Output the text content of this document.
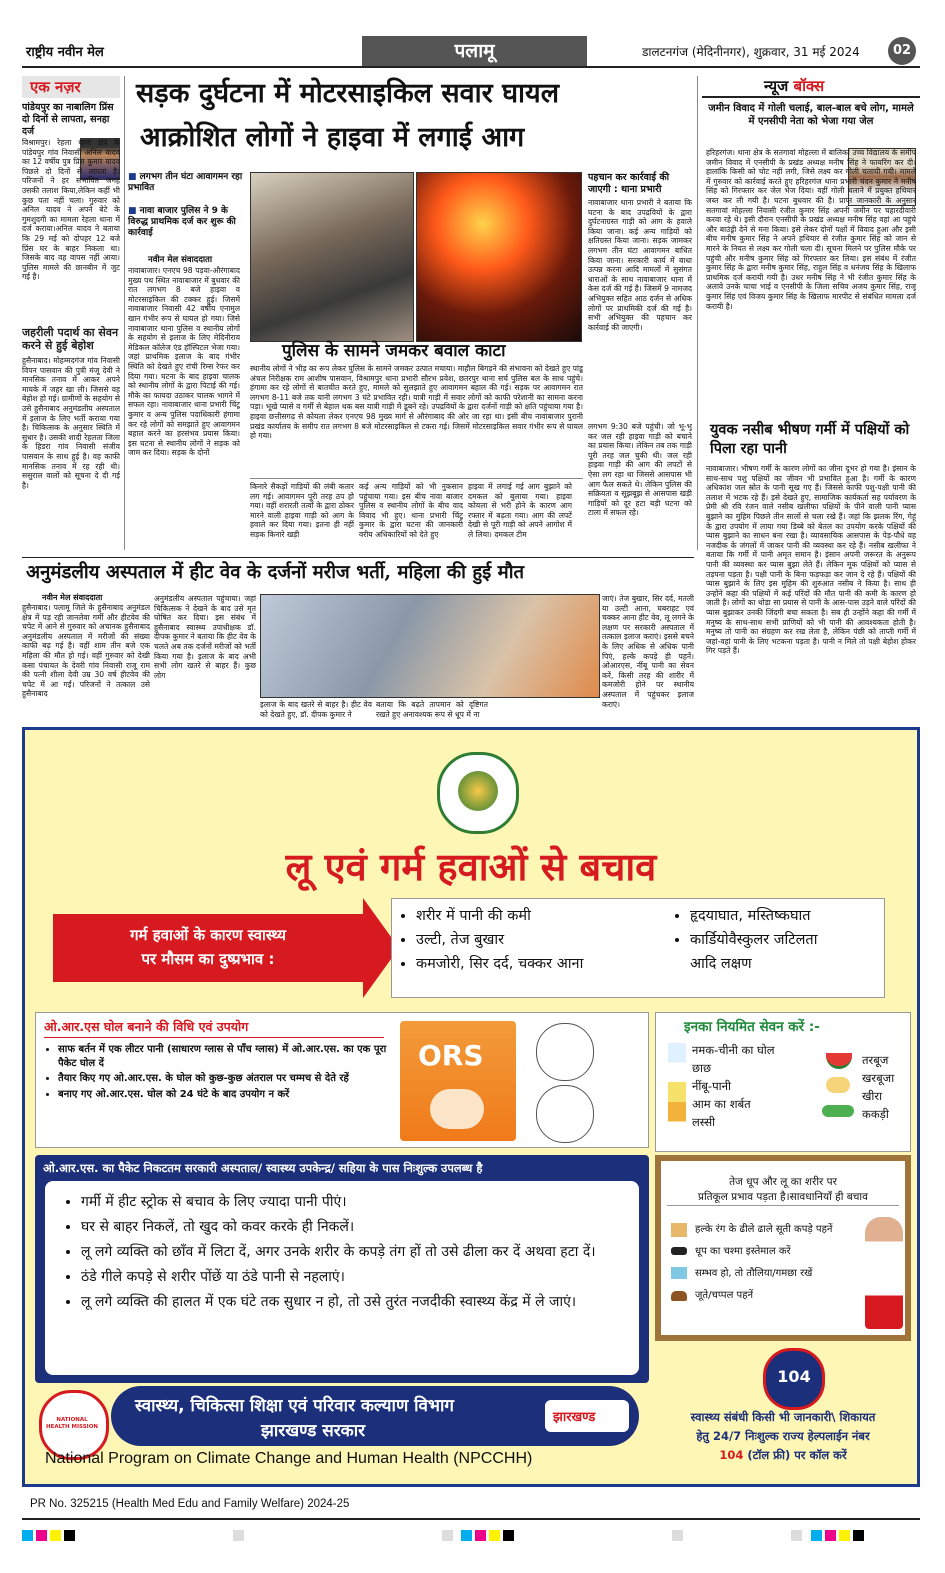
राष्ट्रीय नवीन मेल	पलामू	डालटनगंज (मेदिनीनगर), शुक्रवार, 31 मई 2024	02
एक नज़र
पांडेयपुर का नाबालिग प्रिंस दो दिनों से लापता, सनहा दर्ज
विश्रामपुर। रेहला थाना क्षेत्र के पांडेयपुर गांव निवासी अनिल यादव का 12 वर्षीय पुत्र प्रिंस कुमार यादव पिछले दो दिनों से लापता है। परिजनों ने हर संभावित जगह उसकी तलाश किया,लेकिन कहीं भी कुछ पता नहीं चला। गुरुवार को अनिल यादव ने अपने बेटे के गुमशुदगी का मामला रेहला थाना में दर्ज कराया।अनिल यादव ने बताया कि 29 मई को दोपहर 12 बजे प्रिंस घर के बाहर निकला था। जिसके बाद वह वापस नहीं आया। पुलिस मामले की छानबीन में जुट गई है।
जहरीली पदार्थ का सेवन करने से हुई बेहोश
हुसैनाबाद। मोहम्मदगंज गांव निवासी विपन पासवान की पुत्री मंजू देवी ने मानसिक तनाव में आकर अपने मायके में जहर खा ली। जिससे वह बेहोश हो गई। ग्रामीणों के सहयोग से उसे हुसैनाबाद अनुमंडलीय अस्पताल में इलाज के लिए भर्ती कराया गया है। चिकित्सक के अनुसार स्थिति में सुधार है। उसकी शादी रेहलता जिला के हिडरा गांव निवासी संजीव पासवान के साथ हुई है। वह काफी मानसिक तनाव में रह रही थी। ससुराल वालों को सूचना दे दी गई है।
सड़क दुर्घटना में मोटरसाइकिल सवार घायल
आक्रोशित लोगों ने हाइवा में लगाई आग
■ लगभग तीन घंटा आवागमन रहा प्रभावित
■ नावा बाजार पुलिस ने 9 के विरुद्ध प्राथमिक दर्ज कर शुरू की कार्रवाई
नवीन मेल संवाददाता
नावाबाजार। एनएच 98 पड़वा-औरंगाबाद मुख्य पथ स्थित नावाबाजार में बुधवार की रात लगभग 8 बजे हाइवा व मोटरसाइकिल की टक्कर हुई। जिसमें नावाबाजार निवासी 42 वर्षीय एनामुल खान गंभीर रूप से घायल हो गया। जिसे नावाबाजार थाना पुलिस व स्थानीय लोगों के सहयोग से इलाज के लिए मेदिनीराय मेडिकल कॉलेज एंड हॉस्पिटल भेजा गया। जहां प्राथमिक इलाज के बाद गंभीर स्थिति को देखते हुए रांची रिम्स रेफर कर दिया गया। घटना के बाद हाइवा चालक को स्थानीय लोगों के द्वारा पिटाई की गई। मौके का फायदा उठाकर चालक भागने में सफल रहा। नावाबाजार थाना प्रभारी चिंटू कुमार व अन्य पुलिस पदाधिकारी हंगामा कर रहे लोगों को समझाते हुए आवागमन बहाल करने का हरसंभव प्रयास किया। इस घटना से स्थानीय लोगों ने सड़क को जाम कर दिया। सड़क के दोनों
पुलिस के सामने जमकर बवाल काटा
स्थानीय लोगों ने भीड़ का रूप लेकर पुलिस के सामने जमकर उत्पात मचाया। माहौल बिगड़ने की संभावना को देखते हुए पांडू अंचल निरीक्षक राम आशीष पासवान, विश्रामपुर थाना प्रभारी सौरभ प्रवेश, छतरपुर थाना सर्च पुलिस बल के साथ पहुंचे। हंगामा कर रहे लोगों से बातचीत करते हुए, मामले को सुलझाते हुए आवागमन बहाल की गई। सड़क पर आवागमन रात लगभग 8-11 बजे तक यानी लगभग 3 घंटे प्रभावित रही। यात्री गाड़ी में सवार लोगों को काफी परेशानी का सामना करना पड़ा। भूखे प्यासे व गर्मी से बेहाल थक बस यात्री गाड़ी में डूबने रहे। उपद्रवियों के द्वारा दर्जनों गाड़ी को क्षति पहुंचाया गया है। हाइवा छत्तीसगढ़ से कोयला लेकर एनएच 98 मुख्य मार्ग से औरंगाबाद की ओर जा रहा था। इसी बीच नावाबाजार पुरानी प्रखंड कार्यालय के समीप रात लगभग 8 बजे मोटरसाइकिल से टकरा गई। जिसमें मोटरसाइकिल सवार गंभीर रूप से घायल हो गया।
किनारे सैकड़ों गाड़ियों की लंबी कतार लग गई। आवागमन पूरी तरह ठप हो गया। वहीं शरारती तत्वों के द्वारा ठोकर मारने वाली हाइवा गाड़ी को आग के हवाले कर दिया गया। इतना ही नहीं सड़क किनारे खड़ी
कई अन्य गाड़ियों को भी नुकसान पहुंचाया गया। इस बीच नावा बाजार पुलिस व स्थानीय लोगों के बीच वाद विवाद भी हुए। थाना प्रभारी चिंटू कुमार के द्वारा घटना की जानकारी वरीय अधिकारियों को देते हुए
हाइवा में लगाई गई आग बुझाने को दमकल को बुलाया गया। हाइवा कोयला से भरी होने के कारण आग रफ्तार में बढ़ता गया। आग की लपटें देखी से पूरी गाड़ी को अपने आगोश में ले लिया। दमकल टीम
पहचान कर कार्रवाई की जाएगी : थाना प्रभारी
नावाबाजार थाना प्रभारी ने बताया कि घटना के बाद उपद्रवियों के द्वारा दुर्घटनाग्रस्त गाड़ी को आग के हवाले किया जाना। कई अन्य गाड़ियों को क्षतिग्रस्त किया जाना। सड़क जामकर लगभग तीन घंटा आवागमन बाधित किया जाना। सरकारी कार्य में बाधा उत्पन्न करना आदि मामलों में सुसंगत धाराओं के साथ नावाबाजार थाना में केस दर्ज की गई है। जिसमें 9 नामजद अभियुक्त सहित आठ दर्जन से अधिक लोगों पर प्राथमिकी दर्ज की गई है। सभी अभियुक्त की पहचान कर कार्रवाई की जाएगी।
लगभग 9:30 बजे पहुंची। जो भू-भू कर जल रही हाइवा गाड़ी को बचाने का प्रयास किया। लेकिन तब तक गाड़ी पूरी तरह जल चुकी थी। जल रही हाइवा गाड़ी की आग की लपटों से ऐसा लग रहा था जिससे आसपास भी आग फैल सकते थे। लेकिन पुलिस की सक्रियता व सूझबूझ से आसपास खड़ी गाड़ियों को दूर हटा बड़ी घटना को टाला में सफल रहे।
न्यूज बॉक्स
जमीन विवाद में गोली चलाई, बाल-बाल बचे लोग, मामले में एनसीपी नेता को भेजा गया जेल
हरिहरगंज। थाना क्षेत्र के सतगावां मोहल्ला में बालिका उच्च विद्यालय के समीप जमीन विवाद में एनसीपी के प्रखंड अध्यक्ष मनीष सिंह ने फायरिंग कर दी। हालांकि किसी को चोट नहीं लगी, जिसे लक्ष्य कर गोली चलायी गयी। मामले में गुरुवार को कार्रवाई करते हुए हरिहरगंज थाना प्रभारी चंदन कुमार ने मनीष सिंह को गिरफ्तार कर जेल भेज दिया। वहीं गोली चलाने में प्रयुक्त हथियार जब्त कर ली गयी है। घटना बुधवार की है। प्राप्त जानकारी के अनुसार सतगावां मोहल्ला निवासी रंजीत कुमार सिंह अपनी जमीन पर चहारदीवारी करवा रहे थे। इसी दौरान एनसीपी के प्रखंड अध्यक्ष मनीष सिंह वहां आ पहुंचे और बाउंड्री देने से मना किया। इसे लेकर दोनों पक्षों में विवाद हुआ और इसी बीच मनीष कुमार सिंह ने अपने हथियार से रंजीत कुमार सिंह को जान से मारने के नियत से लक्ष्य कर गोली चला दी। सूचना मिलने पर पुलिस मौके पर पहुंची और मनीष कुमार सिंह को गिरफ्तार कर लिया। इस संबंध में रंजीत कुमार सिंह के द्वारा मनीष कुमार सिंह, राहुल सिंह व धनंजय सिंह के खिलाफ प्राथमिक दर्ज करायी गयी है। उधर मनीष सिंह ने भी रंजीत कुमार सिंह के अलावे उनके चाचा भाई व एनसीपी के जिला सचिव अजय कुमार सिंह, राजू कुमार सिंह एवं विजय कुमार सिंह के खिलाफ मारपीट से संबंधित मामला दर्ज करायी है।
युवक नसीब भीषण गर्मी में पक्षियों को पिला रहा पानी
नावाबाजार। भीषण गर्मी के कारण लोगों का जीना दूभर हो गया है। इंसान के साथ-साथ पशु पक्षियों का जीवन भी प्रभावित हुआ है। गर्मी के कारण अधिकांश जल स्रोत के पानी सूख गए हैं। जिससे काफी पशु-पक्षी पानी की तलाश में भटक रहे हैं। इसे देखते हुए, सामाजिक कार्यकर्ता सह पर्यावरण के प्रेमी श्री रवि रंजन वाले नसीब खलीफा पक्षियों के पीने वाली पानी प्यास बुझाने का मुहिम पिछले तीन सालों से चला रखे हैं। जहां कि झलक रिंग, गेहूं के द्वारा उपयोग में लाया गया डिब्बे को बेतल का उपयोग करके पक्षियों की प्यास बुझाने का साधन बना रखा है। व्यावसायिक आसपास के पेड़-पौधे वह नजदीक के जंगलों में जाकर पानी की व्यवस्था कर रहे हैं। नसीब खलीफा ने बताया कि गर्मी में पानी अमृत समान है। इंसान अपनी जरूरत के अनुरूप पानी की व्यवस्था कर प्यास बुझा लेते हैं। लेकिन मूक पक्षियों को प्यास से तड़पना पड़ता है। पक्षी पानी के बिना फड़फड़ा कर जान दे रहे हैं। पक्षियों की प्यास बुझाने के लिए इस मुहिम की शुरुआत नसीब ने किया है। साथ ही उन्होंने कहा की पक्षियों में कई परिंदों की मौत पानी की कमी के कारण हो जाती है। लोगों का थोड़ा सा प्रयास से पानी के आस-पास उड़ने वाले परिंदों की प्यास बुझाकर उनकी जिंदगी बचा सकता है। सब ही उन्होंने कहा की गर्मी में मनुष्य के साथ-साथ सभी प्राणियों को भी पानी की आवश्यकता होती है। मनुष्य तो पानी का संग्रहण कर रख लेता है, लेकिन पंछी को ताप्ती गर्मी में जहां-वहां पानी के लिए भटकना पड़ता है। पानी न मिले तो पक्षी बेहोश होकर गिर पड़ते हैं।
अनुमंडलीय अस्पताल में हीट वेव के दर्जनों मरीज भर्ती, महिला की हुई मौत
नवीन मेल संवाददाता
हुसैनाबाद। पलामू जिले के हुसैनाबाद अनुमंडल क्षेत्र में पड़ रही जानलेवा गर्मी और हीटवेव की चपेट में आने से गुरुवार को अचानक हुसैनाबाद अनुमंडलीय अस्पताल में मरीजों की संख्या काफी बढ़ गई है। वहीं शाम तीन बजे एक महिला की मौत हो गई। वहीं गुरुवार को देखी कसा पंचायत के देवरी गांव निवासी राजू राम की पत्नी शीला देवी उम्र 30 वर्ष हीटवेव की चपेट में आ गईं। परिजनों ने तत्काल उसे हुसैनाबाद
अनुमंडलीय अस्पताल पहुंचाया। जहां चिकित्सक ने देखने के बाद उसे मृत घोषित कर दिया। इस संबंध में हुसैनाबाद स्वास्थ्य उपाधीक्षक डॉ. दीपक कुमार ने बताया कि हीट वेव के चलते अब तक दर्जनों मरीजों को भर्ती किया गया है। इलाज के बाद अभी सभी लोग खतरे से बाहर हैं। कुछ लोग
इलाज के बाद खतरे से बाहर है। हीट वेव को देखते हुए, डॉ. दीपक कुमार ने
बताया कि बढ़ते तापमान को दृष्टिगत रखते हुए अनावश्यक रूप से धूप में ना
जाएं। तेज बुखार, सिर दर्द, मतली या उल्टी आना, घबराहट एवं चक्कर आना हीट वेव, लू लगने के लक्षण पर सरकारी अस्पताल में तत्काल इलाज कराएं। इससे बचने के लिए अधिक से अधिक पानी पिएं, हल्के कपड़े ही पहनें। ओआरएस, नींबू पानी का सेवन करें, किसी तरह की शारीर में कमजोरी होने पर स्थानीय अस्पताल में पहुंचकर इलाज कराएं।
लू एवं गर्म हवाओं से बचाव
गर्म हवाओं के कारण स्वास्थ्य
पर मौसम का दुष्प्रभाव :
• शरीर में पानी की कमी
• उल्टी, तेज बुखार
• कमजोरी, सिर दर्द, चक्कर आना
• हृदयाघात, मस्तिष्कघात
• कार्डियोवैस्कुलर जटिलता
आदि लक्षण
ओ.आर.एस घोल बनाने की विधि एवं उपयोग
• साफ बर्तन में एक लीटर पानी (साधारण ग्लास से पाँच ग्लास) में ओ.आर.एस. का एक पूरा पैकेट घोल दें
• तैयार किए गए ओ.आर.एस. के घोल को कुछ-कुछ अंतराल पर चम्मच से देते रहें
• बनाए गए ओ.आर.एस. घोल को 24 घंटे के बाद उपयोग न करें
ORS
इनका नियमित सेवन करें :-
नमक-चीनी का घोल
छाछ
नींबू-पानी
आम का शर्बत
लस्सी
तरबूज
खरबूजा
खीरा
ककड़ी
ओ.आर.एस. का पैकेट निकटतम सरकारी अस्पताल/ स्वास्थ्य उपकेन्द्र/ सहिया के पास निःशुल्क उपलब्ध है
• गर्मी में हीट स्ट्रोक से बचाव के लिए ज्यादा पानी पीएं।
• घर से बाहर निकलें, तो खुद को कवर करके ही निकलें।
• लू लगे व्यक्ति को छाँव में लिटा दें, अगर उनके शरीर के कपड़े तंग हों तो उसे ढीला कर दें अथवा हटा दें।
• ठंडे गीले कपड़े से शरीर पोंछें या ठंडे पानी से नहलाएं।
• लू लगे व्यक्ति की हालत में एक घंटे तक सुधार न हो, तो उसे तुरंत नजदीकी स्वास्थ्य केंद्र में ले जाएं।
तेज धूप और लू का शरीर पर
प्रतिकूल प्रभाव पड़ता है।सावधानियाँ ही बचाव
हल्के रंग के ढीले ढाले सूती कपड़े पहनें
धूप का चश्मा इस्तेमाल करें
सम्भव हो, तो तौलिया/गमछा रखें
जूते/चप्पल पहनें
NATIONAL HEALTH MISSION
स्वास्थ्य, चिकित्सा शिक्षा एवं परिवार कल्याण विभाग
झारखण्ड सरकार
झारखण्ड
104
स्वास्थ्य संबंधी किसी भी जानकारी\ शिकायत
हेतु 24/7 निःशुल्क राज्य हेल्पलाईन नंबर
104 (टॉल फ्री) पर कॉल करें
National Program on Climate Change and Human Health (NPCCHH)
PR No. 325215 (Health Med Edu and Family Welfare) 2024-25
